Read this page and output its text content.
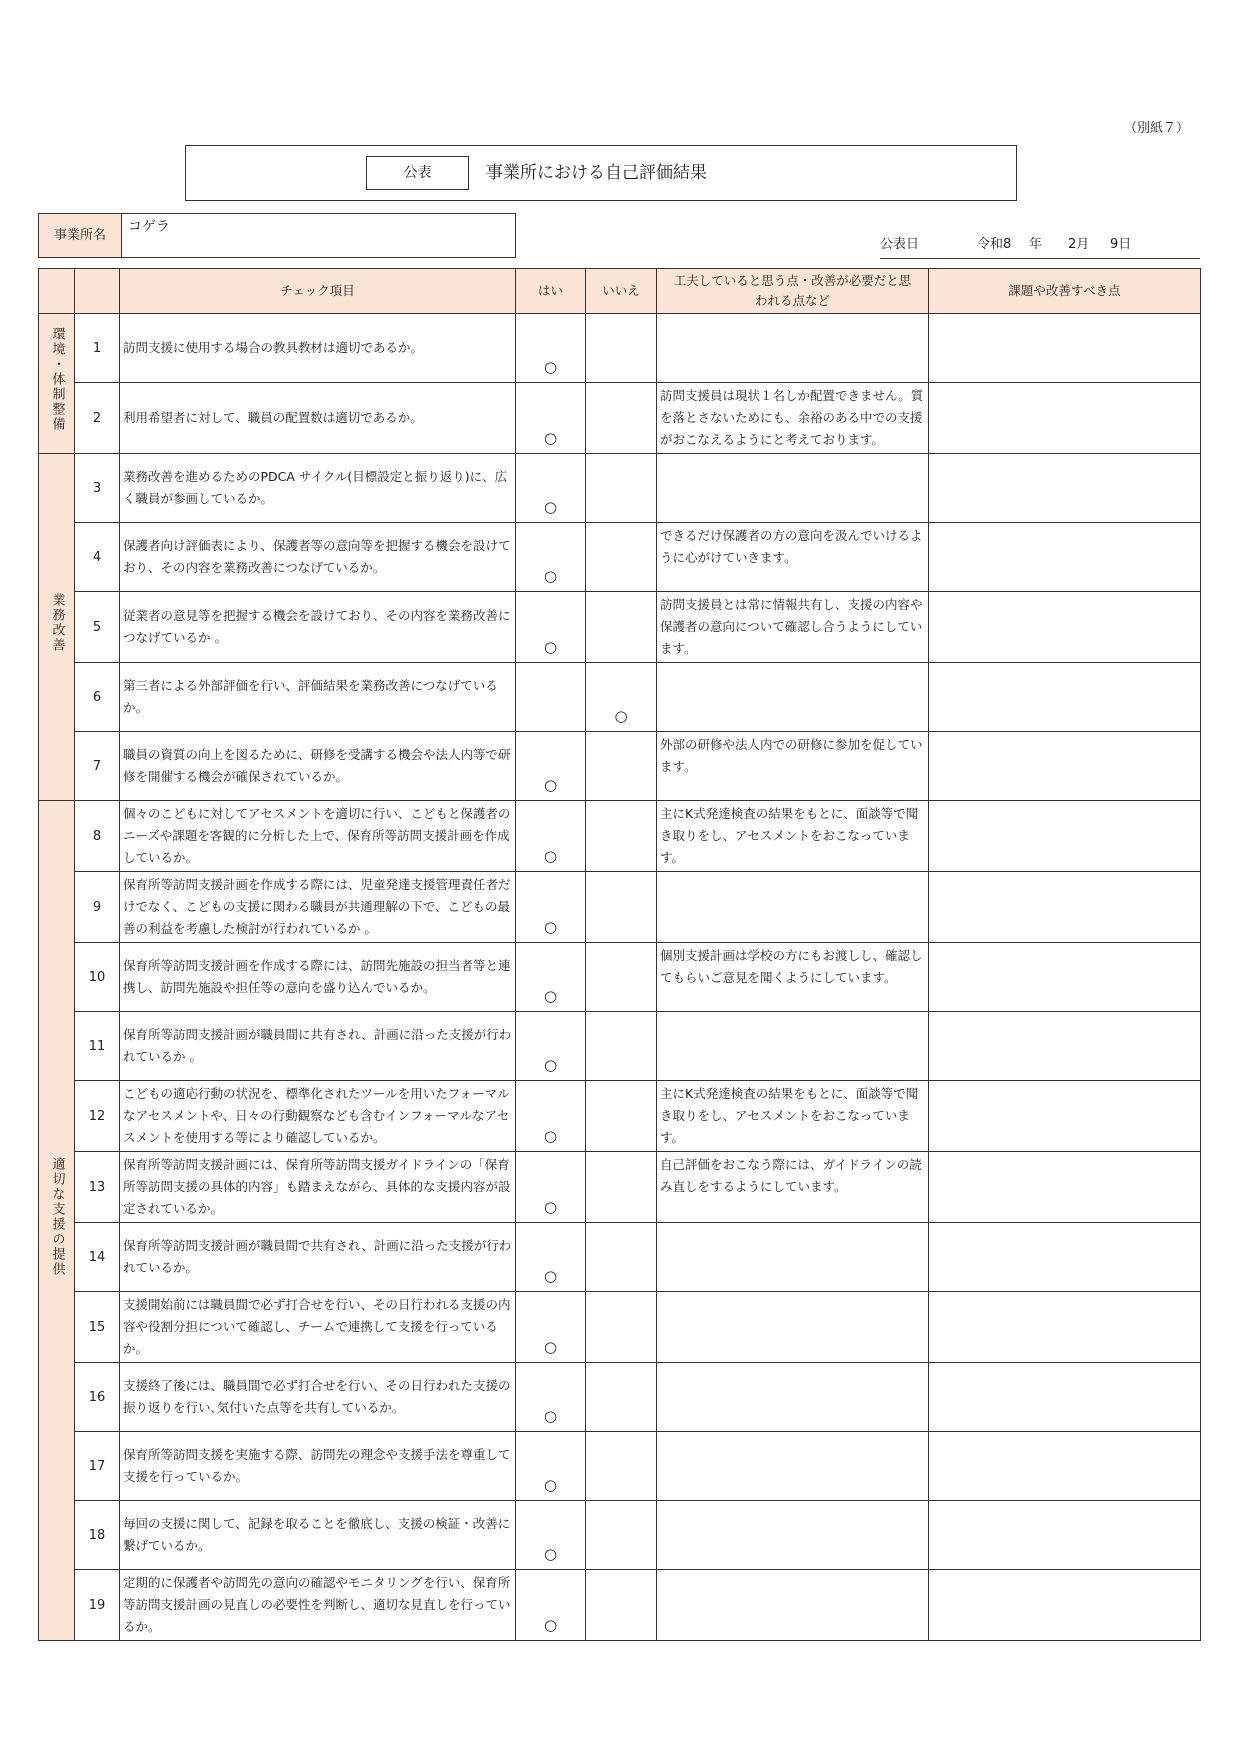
（別紙７）
公表	事業所における自己評価結果
事業所名
コゲラ
公表日	令和8 年 2月 9日
		チェック項目	はい	いいえ	工夫していると思う点・改善が必要だと思われる点など	課題や改善すべき点
環境・体制整備	1	訪問支援に使用する場合の教具教材は適切であるか。	○			

	2	利用希望者に対して、職員の配置数は適切であるか。	○		訪問支援員は現状１名しか配置できません。質を落とさないためにも、余裕のある中での支援がおこなえるようにと考えております。	
業務改善	3	業務改善を進めるためのPDCA サイクル(目標設定と振り返り)に、広く職員が参画しているか。	○			

	4	保護者向け評価表により、保護者等の意向等を把握する機会を設けており、その内容を業務改善につなげているか。	○		できるだけ保護者の方の意向を汲んでいけるように心がけていきます。	
	5	従業者の意見等を把握する機会を設けており、その内容を業務改善につなげているか 。	○		訪問支援員とは常に情報共有し、支援の内容や保護者の意向について確認し合うようにしています。	
	6	第三者による外部評価を行い、評価結果を業務改善につなげているか。		○		

	7	職員の資質の向上を図るために、研修を受講する機会や法人内等で研修を開催する機会が確保されているか。	○		外部の研修や法人内での研修に参加を促しています。	
適切な支援の提供	8	個々のこどもに対してアセスメントを適切に行い、こどもと保護者のニーズや課題を客観的に分析した上で、保育所等訪問支援計画を作成しているか。	○		主にK式発達検査の結果をもとに、面談等で聞き取りをし、アセスメントをおこなっています。	
	9	保育所等訪問支援計画を作成する際には、児童発達支援管理責任者だけでなく、こどもの支援に関わる職員が共通理解の下で、こどもの最善の利益を考慮した検討が行われているか 。	○			

	10	保育所等訪問支援計画を作成する際には、訪問先施設の担当者等と連携し、訪問先施設や担任等の意向を盛り込んでいるか。	○		個別支援計画は学校の方にもお渡しし、確認してもらいご意見を聞くようにしています。	
	11	保育所等訪問支援計画が職員間に共有され、計画に沿った支援が行われているか 。	○			

	12	こどもの適応行動の状況を、標準化されたツールを用いたフォーマルなアセスメントや、日々の行動観察なども含むインフォーマルなアセスメントを使用する等により確認しているか。	○		主にK式発達検査の結果をもとに、面談等で聞き取りをし、アセスメントをおこなっています。	
	13	保育所等訪問支援計画には、保育所等訪問支援ガイドラインの「保育所等訪問支援の具体的内容」も踏まえながら、具体的な支援内容が設定されているか。	○		自己評価をおこなう際には、ガイドラインの読み直しをするようにしています。	
	14	保育所等訪問支援計画が職員間で共有され、計画に沿った支援が行われているか。	○			

	15	支援開始前には職員間で必ず打合せを行い、その日行われる支援の内容や役割分担について確認し、チームで連携して支援を行っているか。	○			

	16	支援終了後には、職員間で必ず打合せを行い、その日行われた支援の振り返りを行い､気付いた点等を共有しているか。	○			

	17	保育所等訪問支援を実施する際、訪問先の理念や支援手法を尊重して支援を行っているか。	○			

	18	毎回の支援に関して、記録を取ることを徹底し、支援の検証・改善に繋げているか。	○			

	19	定期的に保護者や訪問先の意向の確認やモニタリングを行い、保育所等訪問支援計画の見直しの必要性を判断し、適切な見直しを行っているか。	○			
